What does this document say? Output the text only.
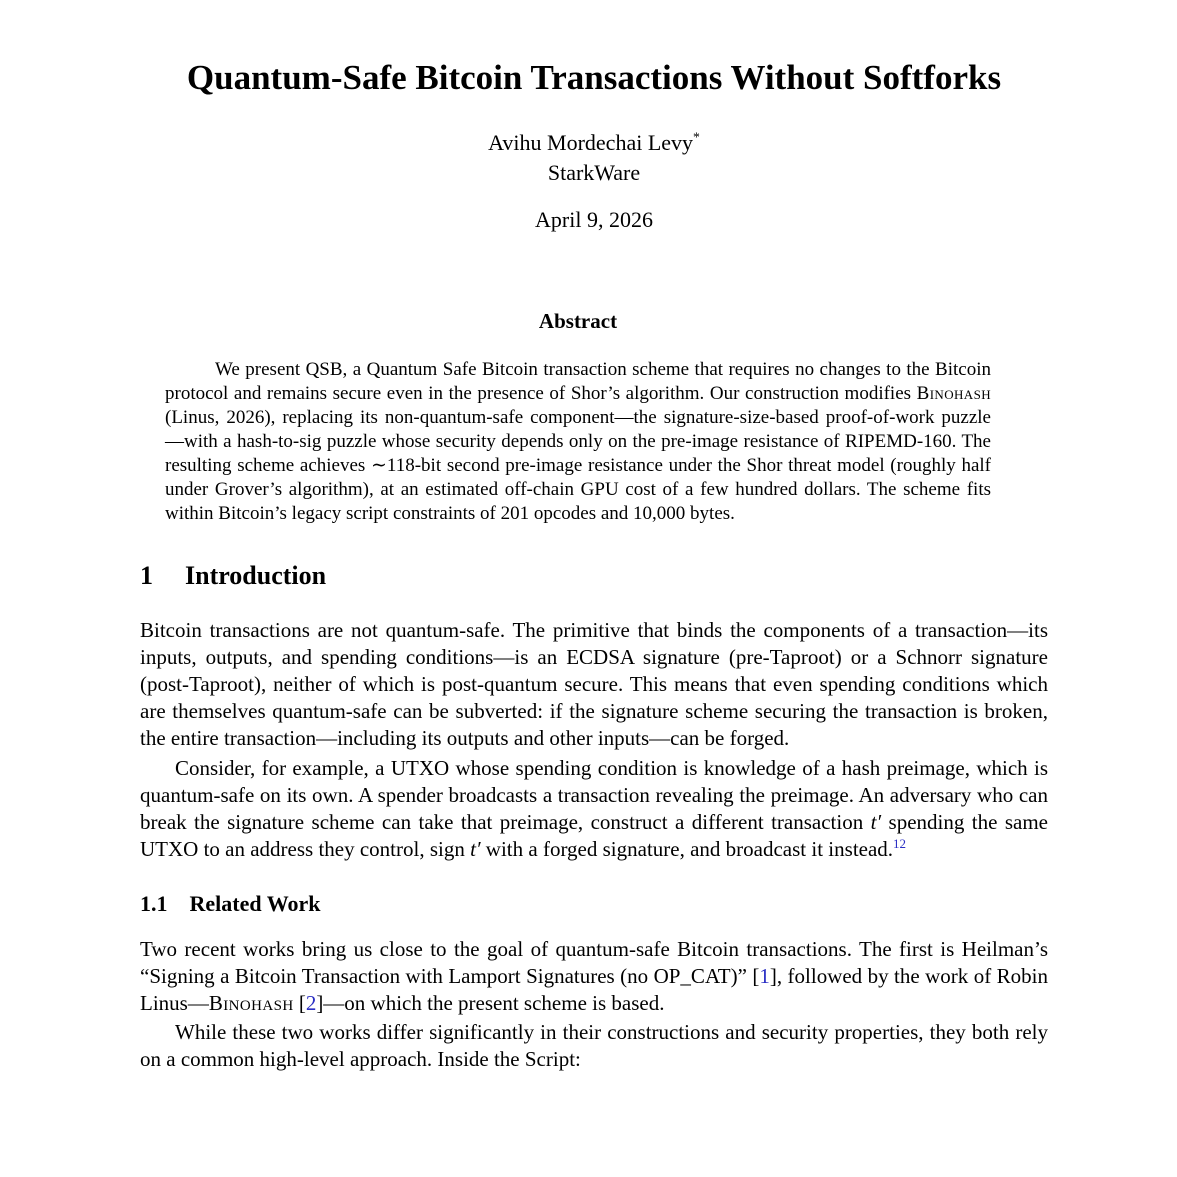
Quantum-Safe Bitcoin Transactions Without Softforks
Avihu Mordechai Levy*
StarkWare
April 9, 2026
Abstract

We present QSB, a Quantum Safe Bitcoin transaction scheme that requires no changes to the Bitcoin protocol and remains secure even in the presence of Shor’s algorithm. Our construction modifies Binohash (Linus, 2026), replacing its non-quantum-safe component—the signature-size-based proof-of-work puzzle—with a hash-to-sig puzzle whose security depends only on the pre-image resistance of RIPEMD-160. The resulting scheme achieves ∼118-bit second pre-image resistance under the Shor threat model (roughly half under Grover’s algorithm), at an estimated off-chain GPU cost of a few hundred dollars. The scheme fits within Bitcoin’s legacy script constraints of 201 opcodes and 10,000 bytes.

1 Introduction

Bitcoin transactions are not quantum-safe. The primitive that binds the components of a transaction—its inputs, outputs, and spending conditions—is an ECDSA signature (pre-Taproot) or a Schnorr signature (post-Taproot), neither of which is post-quantum secure. This means that even spending conditions which are themselves quantum-safe can be subverted: if the signature scheme securing the transaction is broken, the entire transaction—including its outputs and other inputs—can be forged.

Consider, for example, a UTXO whose spending condition is knowledge of a hash preimage, which is quantum-safe on its own. A spender broadcasts a transaction revealing the preimage. An adversary who can break the signature scheme can take that preimage, construct a different transaction t′ spending the same UTXO to an address they control, sign t′ with a forged signature, and broadcast it instead.$^{12}$

1.1 Related Work

Two recent works bring us close to the goal of quantum-safe Bitcoin transactions. The first is Heilman’s “Signing a Bitcoin Transaction with Lamport Signatures (no OP_CAT)” [1], followed by the work of Robin Linus—Binohash [2]—on which the present scheme is based.

While these two works differ significantly in their constructions and security properties, they both rely on a common high-level approach. Inside the Script:
